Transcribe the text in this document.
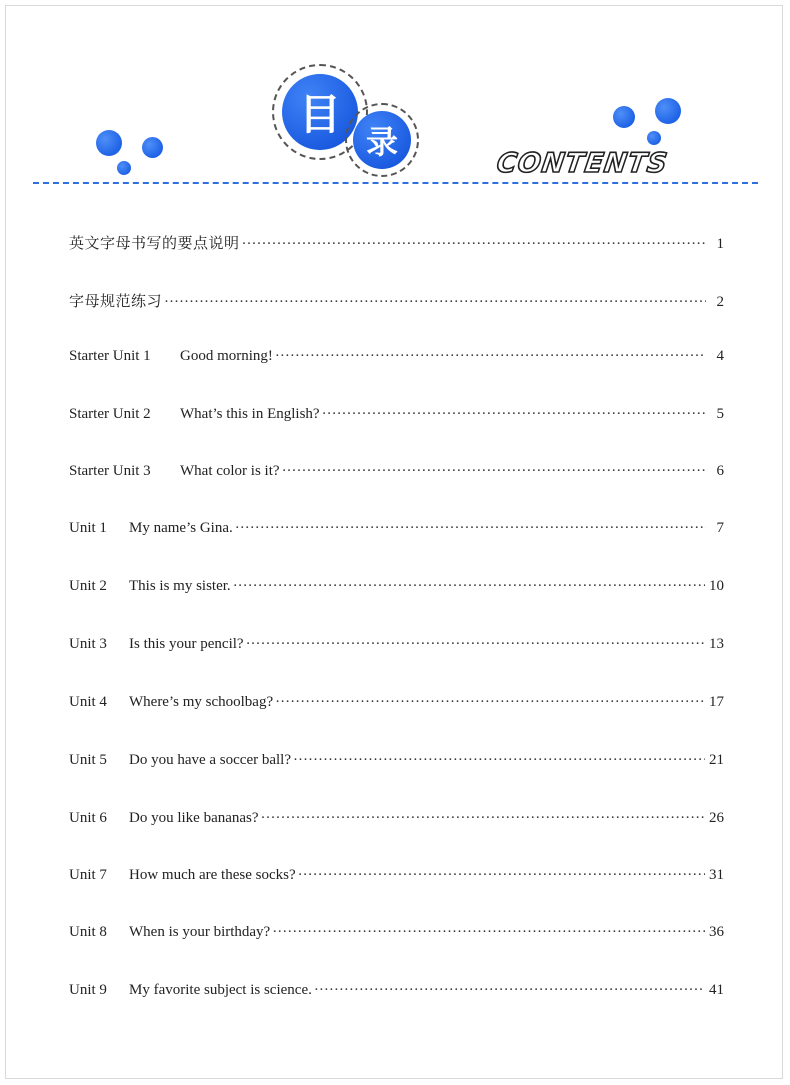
目
录
CONTENTS
英文字母书写的要点说明 ·····	1
字母规范练习 ·····	2
Starter Unit 1 Good morning! ·····	4
Starter Unit 2 What’s this in English? ·····	5
Starter Unit 3 What color is it? ·····	6
Unit 1 My name’s Gina. ·····	7
Unit 2 This is my sister. ·····	10
Unit 3 Is this your pencil? ·····	13
Unit 4 Where’s my schoolbag? ·····	17
Unit 5 Do you have a soccer ball? ·····	21
Unit 6 Do you like bananas? ·····	26
Unit 7 How much are these socks? ·····	31
Unit 8 When is your birthday? ·····	36
Unit 9 My favorite subject is science. ·····	41
